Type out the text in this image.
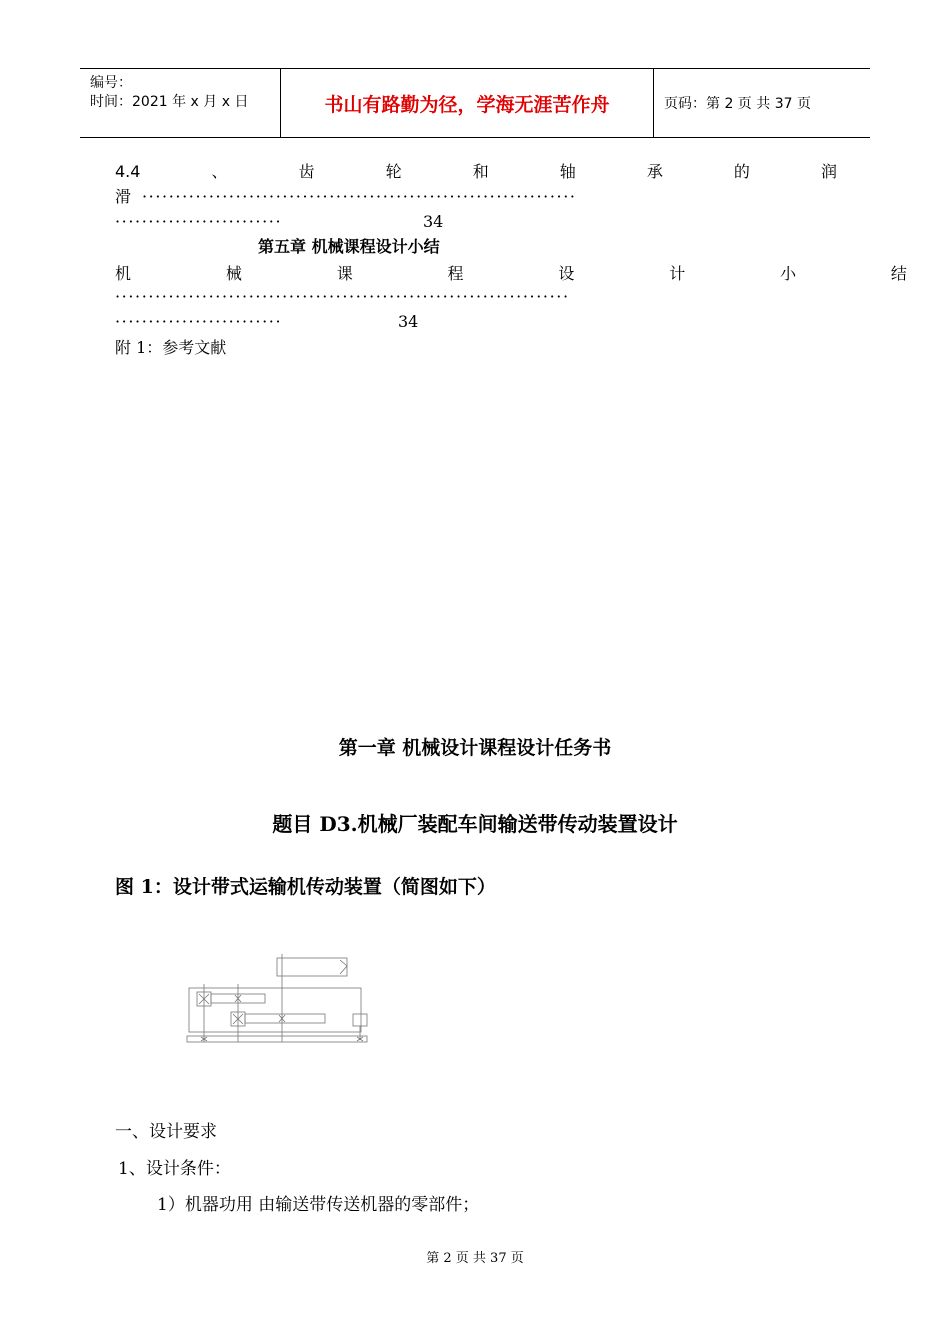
编号：
时间：2021 年 x 月 x 日	书山有路勤为径，学海无涯苦作舟	页码：第 2 页 共 37 页
4.4	、	齿	轮	和	轴	承	的	润
滑 ·································································
·························	34
第五章 机械课程设计小结
机	械	课	程	设	计	小	结
····································································
·························	34
附 1：参考文献
第一章 机械设计课程设计任务书
题目 D3.机械厂装配车间输送带传动装置设计
图 1：设计带式运输机传动装置（简图如下）
一、设计要求
1、设计条件：
1）机器功用 由输送带传送机器的零部件；
第 2 页 共 37 页
